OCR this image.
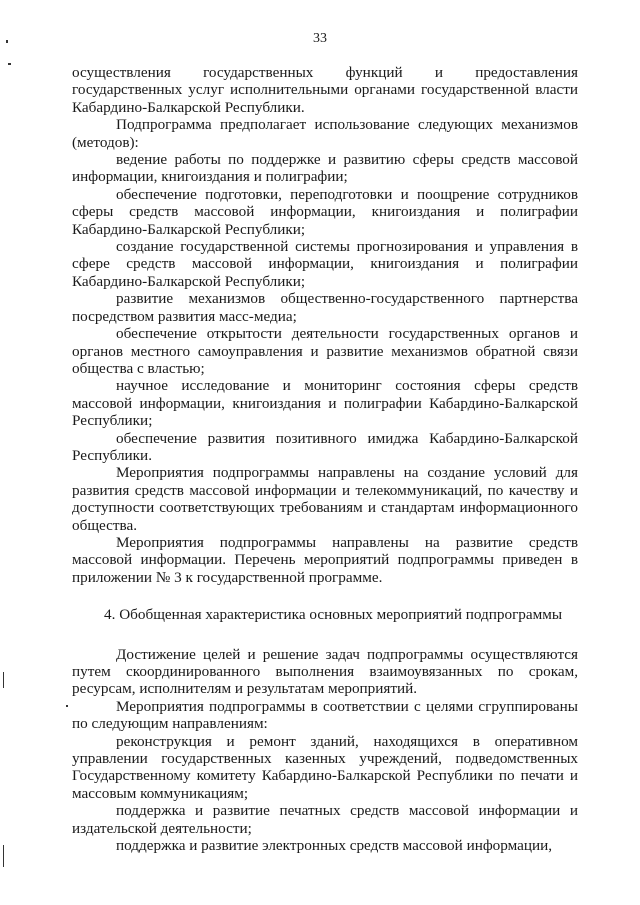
33

осуществления государственных функций и предоставления государственных услуг исполнительными органами государственной власти Кабардино-Балкарской Республики.

Подпрограмма предполагает использование следующих механизмов (методов):

ведение работы по поддержке и развитию сферы средств массовой информации, книгоиздания и полиграфии;

обеспечение подготовки, переподготовки и поощрение сотрудников сферы средств массовой информации, книгоиздания и полиграфии Кабардино-Балкарской Республики;

создание государственной системы прогнозирования и управления в сфере средств массовой информации, книгоиздания и полиграфии Кабардино-Балкарской Республики;

развитие механизмов общественно-государственного партнерства посредством развития масс-медиа;

обеспечение открытости деятельности государственных органов и органов местного самоуправления и развитие механизмов обратной связи общества с властью;

научное исследование и мониторинг состояния сферы средств массовой информации, книгоиздания и полиграфии Кабардино-Балкарской Республики;

обеспечение развития позитивного имиджа Кабардино-Балкарской Республики.

Мероприятия подпрограммы направлены на создание условий для развития средств массовой информации и телекоммуникаций, по качеству и доступности соответствующих требованиям и стандартам информационного общества.

Мероприятия подпрограммы направлены на развитие средств массовой информации. Перечень мероприятий подпрограммы приведен в приложении № 3 к государственной программе.

4. Обобщенная характеристика основных мероприятий подпрограммы

Достижение целей и решение задач подпрограммы осуществляются путем скоординированного выполнения взаимоувязанных по срокам, ресурсам, исполнителям и результатам мероприятий.

Мероприятия подпрограммы в соответствии с целями сгруппированы по следующим направлениям:

реконструкция и ремонт зданий, находящихся в оперативном управлении государственных казенных учреждений, подведомственных Государственному комитету Кабардино-Балкарской Республики по печати и массовым коммуникациям;

поддержка и развитие печатных средств массовой информации и издательской деятельности;

поддержка и развитие электронных средств массовой информации,
